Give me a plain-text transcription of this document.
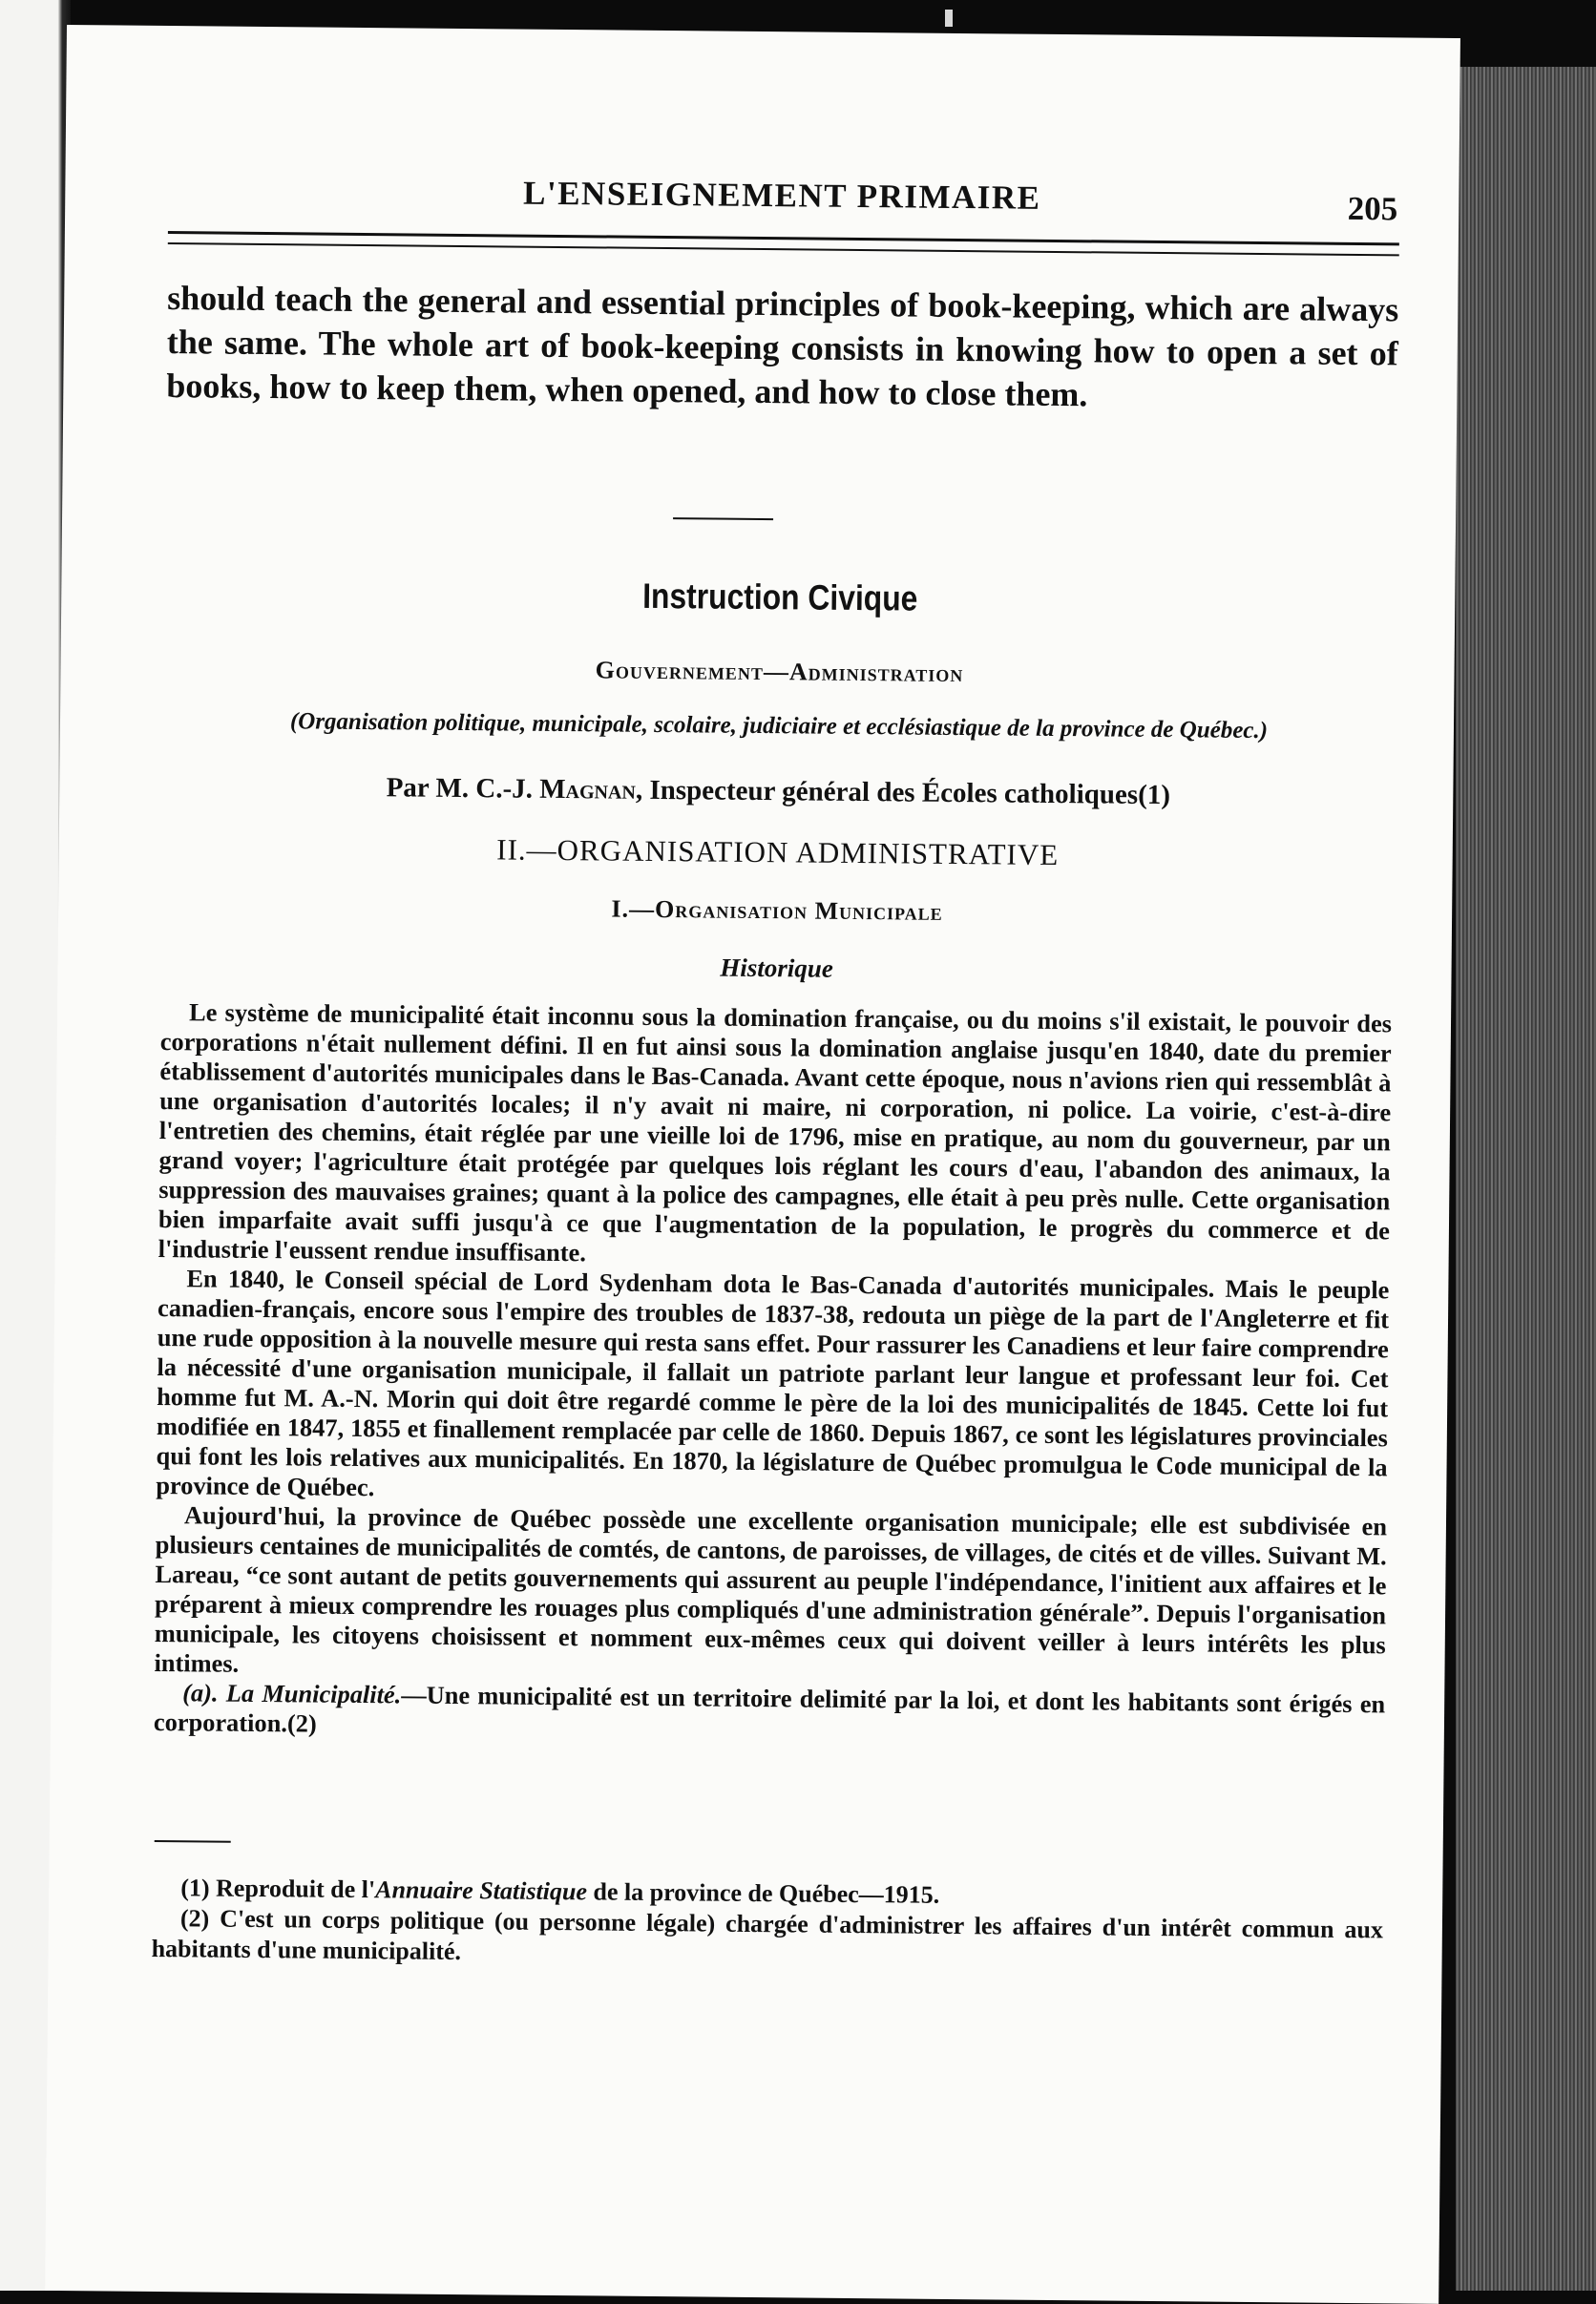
L'ENSEIGNEMENT PRIMAIRE	205
should teach the general and essential principles of book-keeping, which are always the same. The whole art of book-keeping consists in knowing how to open a set of books, how to keep them, when opened, and how to close them.
Instruction Civique
Gouvernement—Administration
(Organisation politique, municipale, scolaire, judiciaire et ecclésiastique de la province de Québec.)
Par M. C.-J. Magnan, Inspecteur général des Écoles catholiques(1)
II.—ORGANISATION ADMINISTRATIVE
I.—Organisation Municipale
Historique

Le système de municipalité était inconnu sous la domination française, ou du moins s'il existait, le pouvoir des corporations n'était nullement défini. Il en fut ainsi sous la domination anglaise jusqu'en 1840, date du premier établissement d'autorités municipales dans le Bas-Canada. Avant cette époque, nous n'avions rien qui ressemblât à une organisation d'autorités locales; il n'y avait ni maire, ni corporation, ni police. La voirie, c'est-à-dire l'entretien des chemins, était réglée par une vieille loi de 1796, mise en pratique, au nom du gouverneur, par un grand voyer; l'agriculture était protégée par quelques lois réglant les cours d'eau, l'abandon des animaux, la suppression des mauvaises graines; quant à la police des campagnes, elle était à peu près nulle. Cette organisation bien imparfaite avait suffi jusqu'à ce que l'augmentation de la population, le progrès du commerce et de l'industrie l'eussent rendue insuffisante.

En 1840, le Conseil spécial de Lord Sydenham dota le Bas-Canada d'autorités municipales. Mais le peuple canadien-français, encore sous l'empire des troubles de 1837-38, redouta un piège de la part de l'Angleterre et fit une rude opposition à la nouvelle mesure qui resta sans effet. Pour rassurer les Canadiens et leur faire comprendre la nécessité d'une organisation municipale, il fallait un patriote parlant leur langue et professant leur foi. Cet homme fut M. A.-N. Morin qui doit être regardé comme le père de la loi des municipalités de 1845. Cette loi fut modifiée en 1847, 1855 et finallement remplacée par celle de 1860. Depuis 1867, ce sont les législatures provinciales qui font les lois relatives aux municipalités. En 1870, la législature de Québec promulgua le Code municipal de la province de Québec.

Aujourd'hui, la province de Québec possède une excellente organisation municipale; elle est subdivisée en plusieurs centaines de municipalités de comtés, de cantons, de paroisses, de villages, de cités et de villes. Suivant M. Lareau, “ce sont autant de petits gouvernements qui assurent au peuple l'indépendance, l'initient aux affaires et le préparent à mieux comprendre les rouages plus compliqués d'une administration générale”. Depuis l'organisation municipale, les citoyens choisissent et nomment eux-mêmes ceux qui doivent veiller à leurs intérêts les plus intimes.

(a). La Municipalité.—Une municipalité est un territoire delimité par la loi, et dont les habitants sont érigés en corporation.(2)

(1) Reproduit de l'Annuaire Statistique de la province de Québec—1915.

(2) C'est un corps politique (ou personne légale) chargée d'administrer les affaires d'un intérêt commun aux habitants d'une municipalité.
